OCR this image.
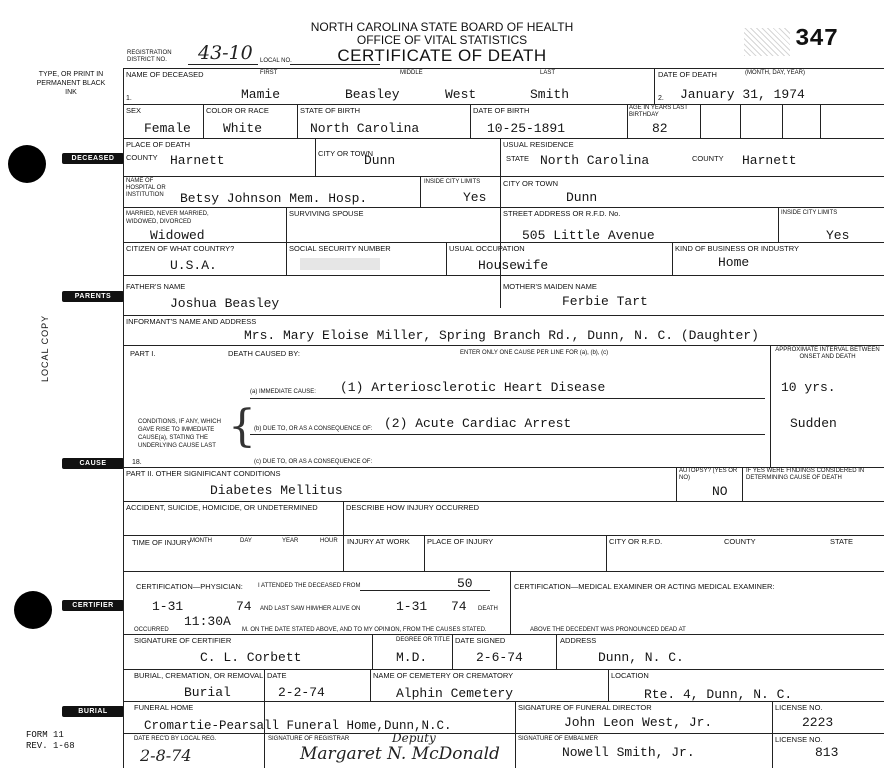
NORTH CAROLINA STATE BOARD OF HEALTH
OFFICE OF VITAL STATISTICS
CERTIFICATE OF DEATH
347
REGISTRATION DISTRICT NO.	43-10 LOCAL NO.
TYPE, OR PRINT IN PERMANENT BLACK INK
DECEASED
PARENTS
CAUSE
CERTIFIER
BURIAL
LOCAL COPY
FORM 11
REV. 1-68
NAME OF DECEASED	FIRST	MIDDLE	LAST	DATE OF DEATH	(MONTH, DAY, YEAR)
1.	Mamie	Beasley	West	Smith	2. January 31, 1974
SEX	COLOR OR RACE	STATE OF BIRTH	DATE OF BIRTH	AGE IN YEARS LAST BIRTHDAY
Female White	North Carolina	10-25-1891	82
PLACE OF DEATH
COUNTY Harnett	CITY OR TOWN
Dunn
USUAL RESIDENCE
STATE North Carolina	COUNTY Harnett
NAME OF HOSPITAL OR INSTITUTION	Betsy Johnson Mem. Hosp.
INSIDE CITY LIMITS
Yes
CITY OR TOWN
Dunn
MARRIED, NEVER MARRIED, WIDOWED, DIVORCED
Widowed
SURVIVING SPOUSE	STREET ADDRESS OR R.F.D. No.
505 Little Avenue
INSIDE CITY LIMITS
Yes
CITIZEN OF WHAT COUNTRY?
U.S.A.
SOCIAL SECURITY NUMBER	USUAL OCCUPATION
Housewife
KIND OF BUSINESS OR INDUSTRY
Home
FATHER'S NAME
Joshua Beasley
MOTHER'S MAIDEN NAME
Ferbie Tart
INFORMANT'S NAME AND ADDRESS
Mrs. Mary Eloise Miller, Spring Branch Rd., Dunn, N. C. (Daughter)
PART I.	DEATH CAUSED BY:	ENTER ONLY ONE CAUSE PER LINE FOR (a), (b), (c)	APPROXIMATE INTERVAL BETWEEN ONSET AND DEATH
(a) IMMEDIATE CAUSE: (1) Arteriosclerotic Heart Disease	10 yrs.
CONDITIONS, IF ANY, WHICH GAVE RISE TO IMMEDIATE CAUSE(a), STATING THE UNDERLYING CAUSE LAST {
(b) DUE TO, OR AS A CONSEQUENCE OF: (2) Acute Cardiac Arrest	Sudden
(c) DUE TO, OR AS A CONSEQUENCE OF:
18.
PART II. OTHER SIGNIFICANT CONDITIONS
Diabetes Mellitus
AUTOPSY? (YES OR NO)
NO
IF YES WERE FINDINGS CONSIDERED IN DETERMINING CAUSE OF DEATH
ACCIDENT, SUICIDE, HOMICIDE, OR UNDETERMINED	DESCRIBE HOW INJURY OCCURRED
TIME OF INJURY
MONTH	DAY	YEAR	HOUR INJURY AT WORK PLACE OF INJURY	CITY OR R.F.D.	COUNTY	STATE
CERTIFICATION—PHYSICIAN:	I ATTENDED THE DECEASED FROM	50
1-31	74 AND LAST SAW HIM/HER ALIVE ON	1-31 74 DEATH
OCCURRED
11:30A
M. ON THE DATE STATED ABOVE, AND TO MY OPINION, FROM THE CAUSES STATED.
CERTIFICATION—MEDICAL EXAMINER OR ACTING MEDICAL EXAMINER:
ABOVE THE DECEDENT WAS PRONOUNCED DEAD AT
SIGNATURE OF CERTIFIER
C. L. Corbett
DEGREE OR TITLE
M.D.
DATE SIGNED
2-6-74
ADDRESS
Dunn, N. C.
BURIAL, CREMATION, OR REMOVAL
Burial
DATE
2-2-74
NAME OF CEMETERY OR CREMATORY
Alphin Cemetery
LOCATION
Rte. 4, Dunn, N. C.
FUNERAL HOME
Cromartie-Pearsall Funeral Home,Dunn,N.C.
SIGNATURE OF FUNERAL DIRECTOR
John Leon West, Jr.
LICENSE NO.
2223
DATE REC'D BY LOCAL REG.
2-8-74
SIGNATURE OF REGISTRAR	Deputy
Margaret N. McDonald
SIGNATURE OF EMBALMER
Nowell Smith, Jr.
LICENSE NO.
813
